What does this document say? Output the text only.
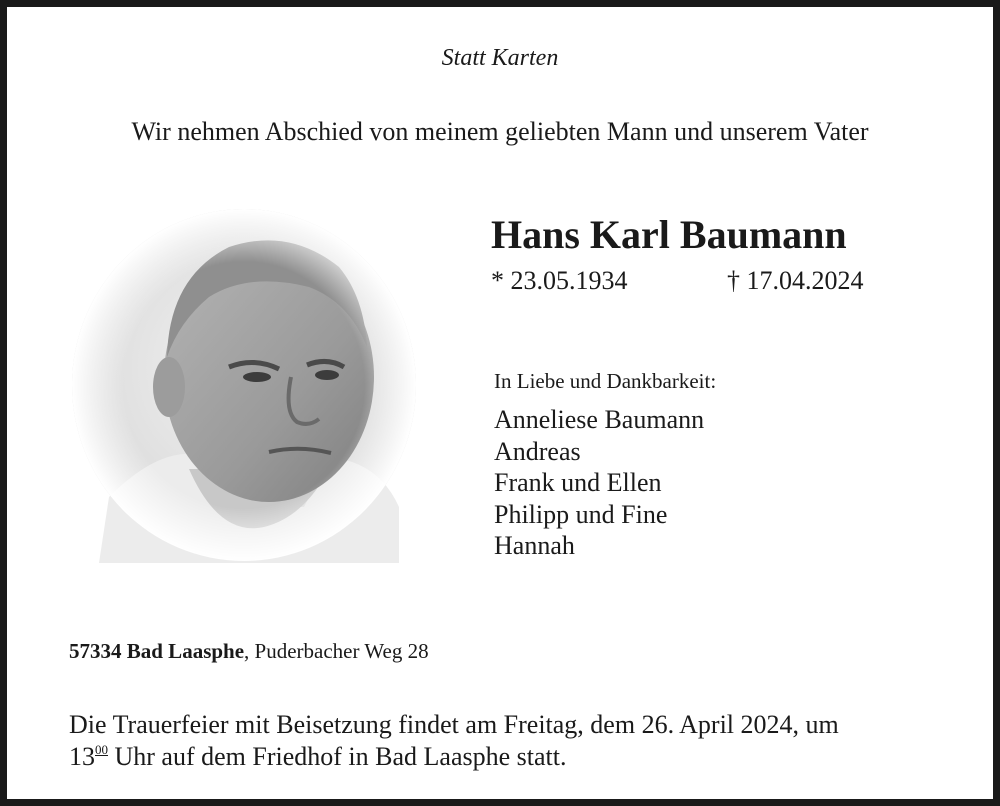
Statt Karten
Wir nehmen Abschied von meinem geliebten Mann und unserem Vater
Hans Karl Baumann
* 23.05.1934	† 17.04.2024
In Liebe und Dankbarkeit:
Anneliese Baumann
Andreas
Frank und Ellen
Philipp und Fine
Hannah
57334 Bad Laasphe, Puderbacher Weg 28
Die Trauerfeier mit Beisetzung findet am Freitag, dem 26. April 2024, um
$13^{00}$ Uhr auf dem Friedhof in Bad Laasphe statt.
